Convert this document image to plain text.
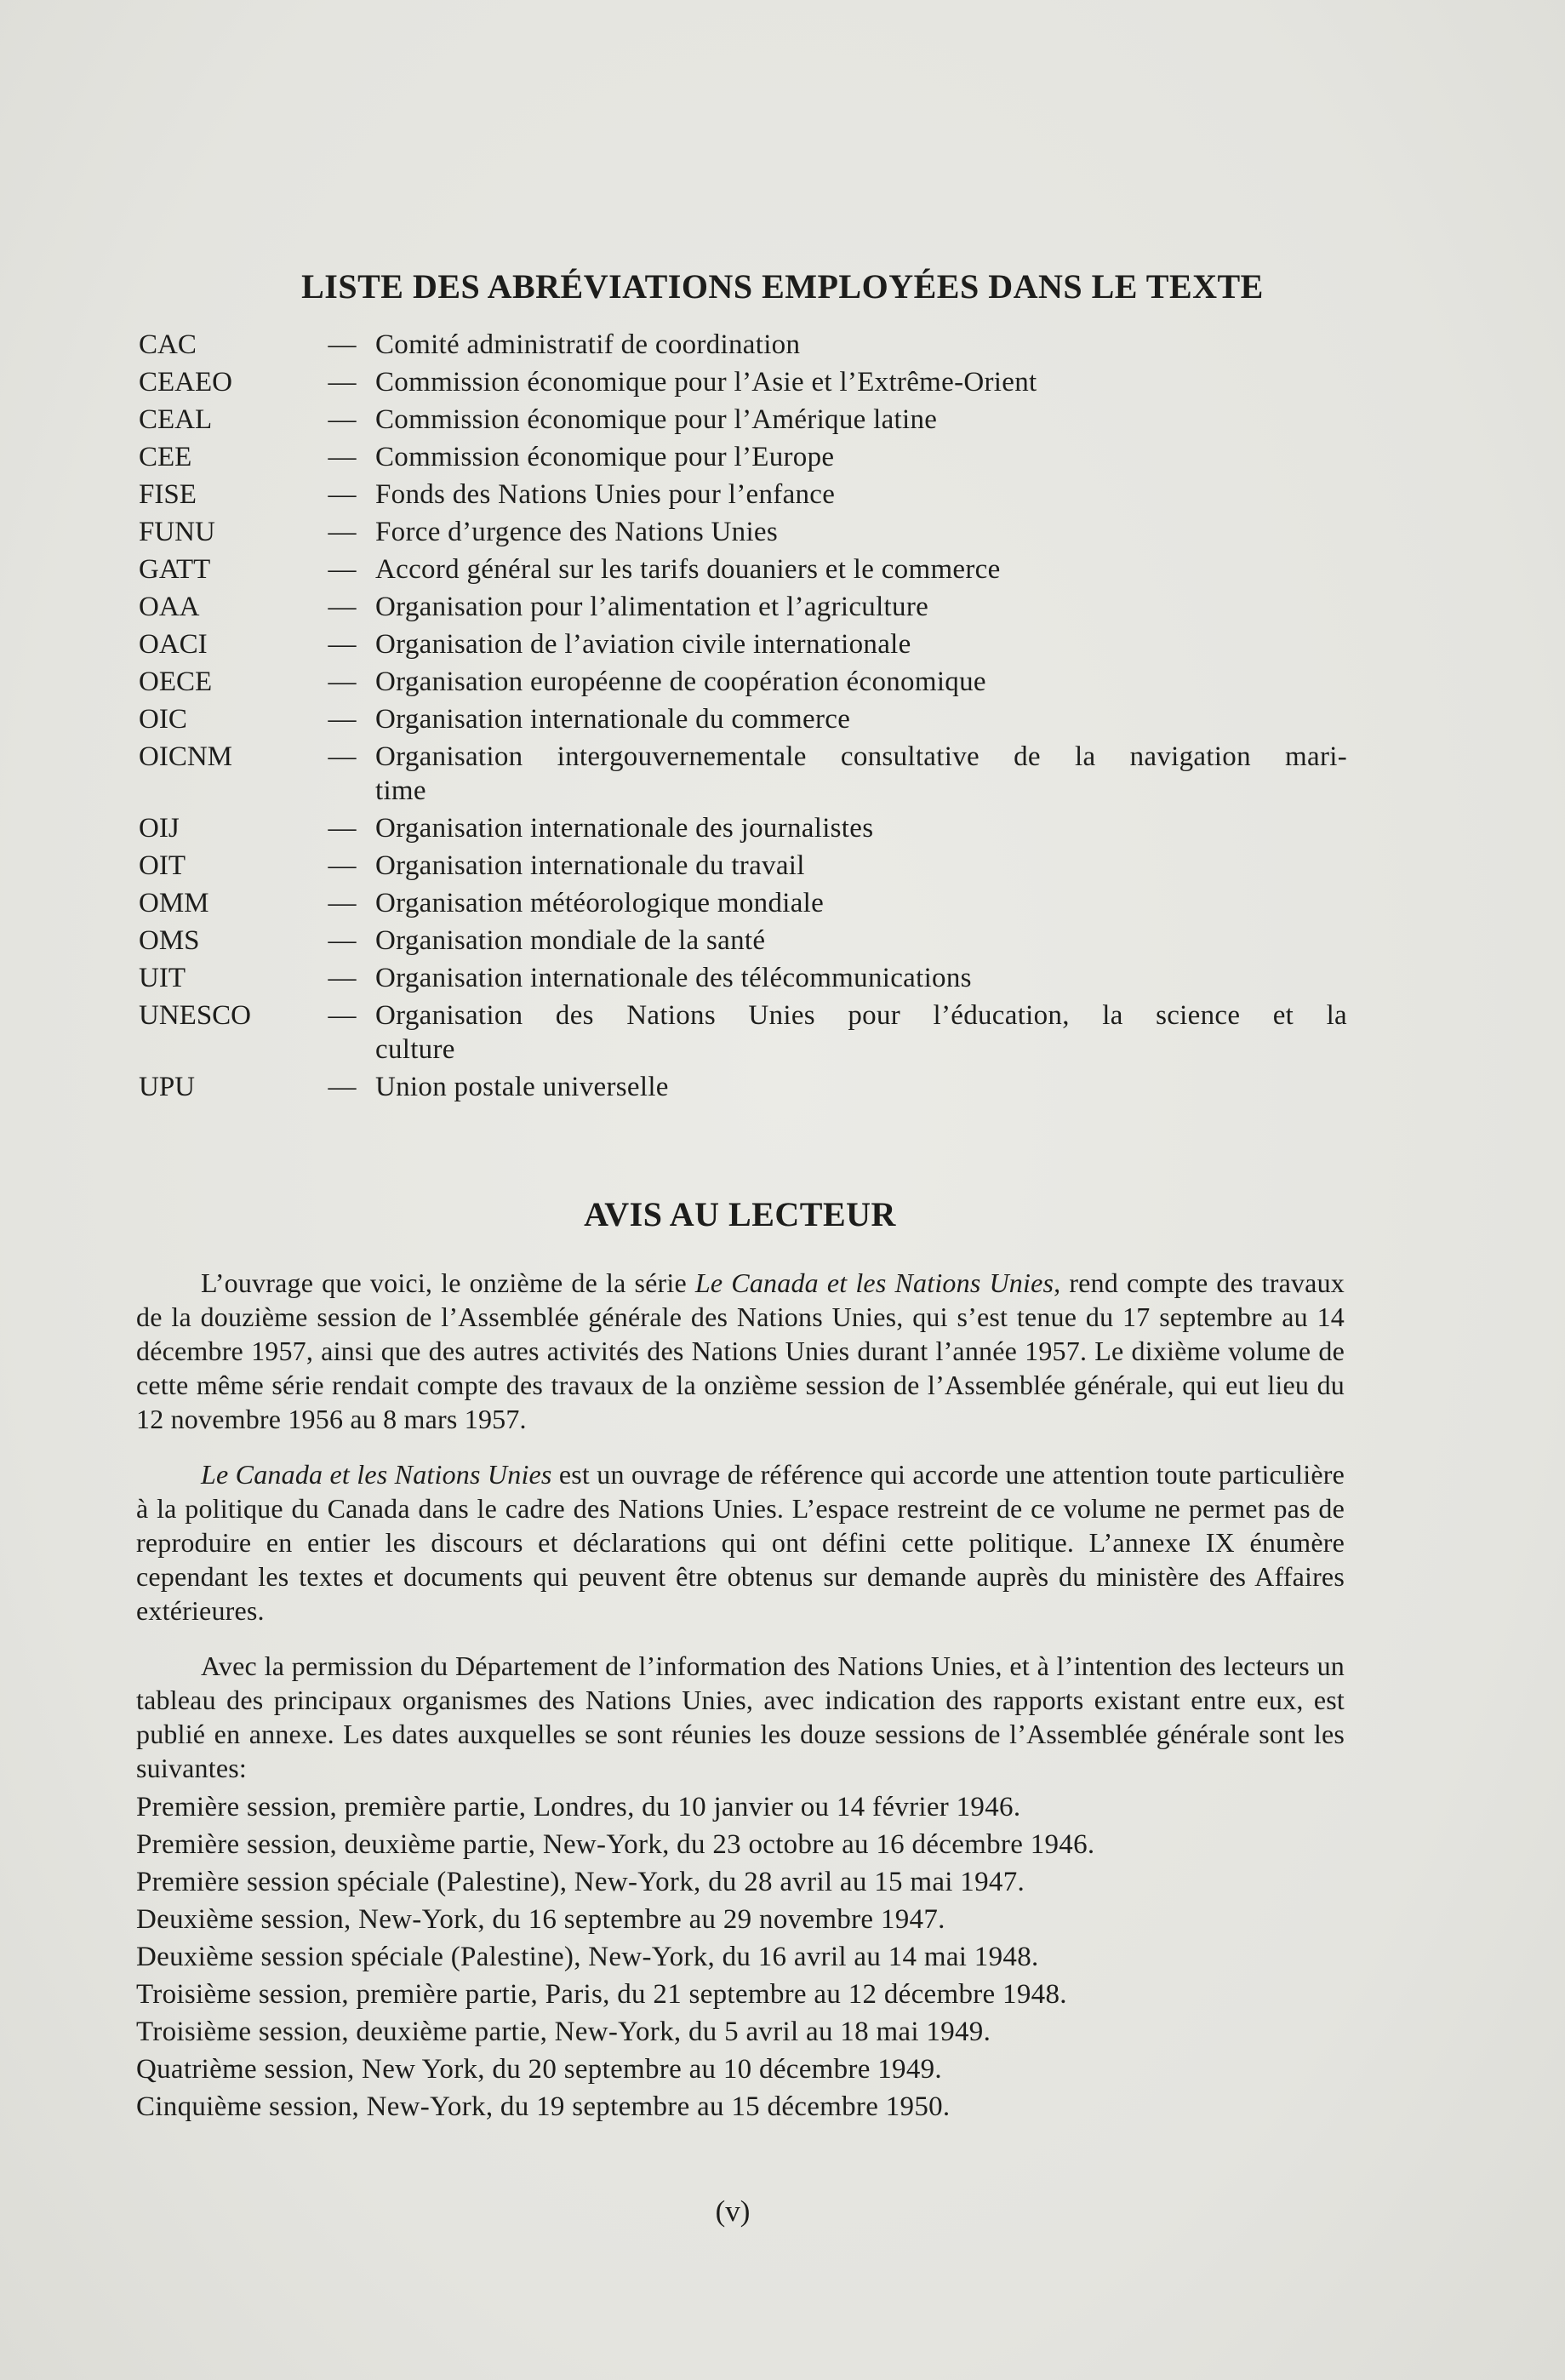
LISTE DES ABRÉVIATIONS EMPLOYÉES DANS LE TEXTE
CAC	— Comité administratif de coordination
CEAEO	— Commission économique pour l’Asie et l’Extrême-Orient
CEAL	— Commission économique pour l’Amérique latine
CEE	— Commission économique pour l’Europe
FISE	— Fonds des Nations Unies pour l’enfance
FUNU	— Force d’urgence des Nations Unies
GATT	— Accord général sur les tarifs douaniers et le commerce
OAA	— Organisation pour l’alimentation et l’agriculture
OACI	— Organisation de l’aviation civile internationale
OECE	— Organisation européenne de coopération économique
OIC	— Organisation internationale du commerce
OICNM	— Organisation intergouvernementale consultative de la navigation mari-
time
OIJ	— Organisation internationale des journalistes
OIT	— Organisation internationale du travail
OMM	— Organisation météorologique mondiale
OMS	— Organisation mondiale de la santé
UIT	— Organisation internationale des télécommunications
UNESCO	— Organisation des Nations Unies pour l’éducation, la science et la
culture
UPU	— Union postale universelle
AVIS AU LECTEUR

L’ouvrage que voici, le onzième de la série Le Canada et les Nations Unies, rend compte des travaux de la douzième session de l’Assemblée générale des Nations Unies, qui s’est tenue du 17 septembre au 14 décembre 1957, ainsi que des autres activités des Nations Unies durant l’année 1957. Le dixième volume de cette même série rendait compte des travaux de la onzième session de l’Assemblée générale, qui eut lieu du 12 novembre 1956 au 8 mars 1957.

Le Canada et les Nations Unies est un ouvrage de référence qui accorde une attention toute particulière à la politique du Canada dans le cadre des Nations Unies. L’espace restreint de ce volume ne permet pas de reproduire en entier les discours et déclarations qui ont défini cette politique. L’annexe IX énumère cependant les textes et documents qui peuvent être obtenus sur demande auprès du ministère des Affaires extérieures.

Avec la permission du Département de l’information des Nations Unies, et à l’intention des lecteurs un tableau des principaux organismes des Nations Unies, avec indication des rapports existant entre eux, est publié en annexe. Les dates auxquelles se sont réunies les douze sessions de l’Assemblée générale sont les suivantes:

Première session, première partie, Londres, du 10 janvier ou 14 février 1946.
Première session, deuxième partie, New-York, du 23 octobre au 16 décembre 1946.
Première session spéciale (Palestine), New-York, du 28 avril au 15 mai 1947.
Deuxième session, New-York, du 16 septembre au 29 novembre 1947.
Deuxième session spéciale (Palestine), New-York, du 16 avril au 14 mai 1948.
Troisième session, première partie, Paris, du 21 septembre au 12 décembre 1948.
Troisième session, deuxième partie, New-York, du 5 avril au 18 mai 1949.
Quatrième session, New York, du 20 septembre au 10 décembre 1949.
Cinquième session, New-York, du 19 septembre au 15 décembre 1950.
(v)
